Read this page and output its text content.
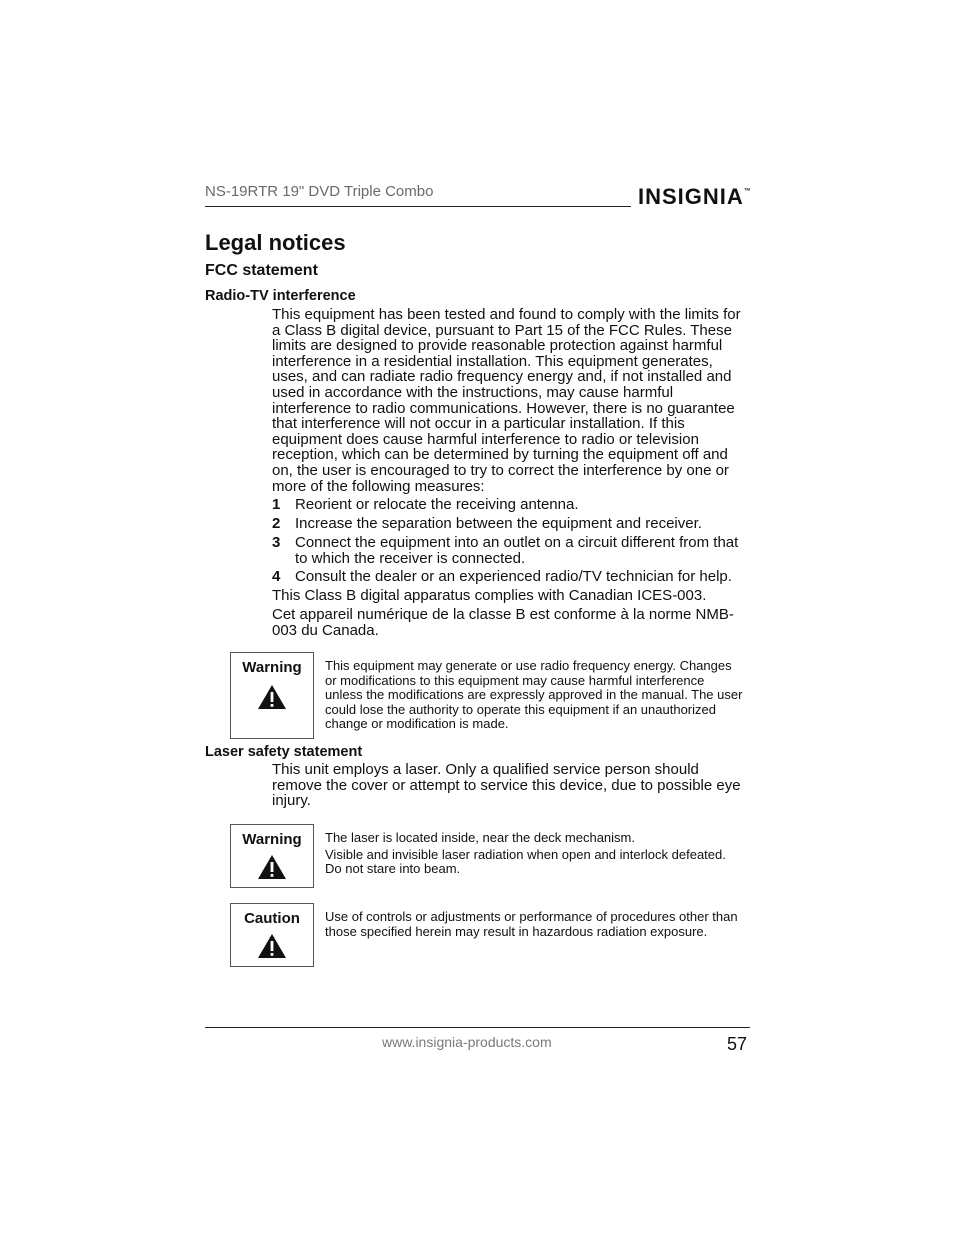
NS-19RTR 19" DVD Triple Combo	INSIGNIA™
Legal notices
FCC statement
Radio-TV interference

This equipment has been tested and found to comply with the limits for a Class B digital device, pursuant to Part 15 of the FCC Rules. These limits are designed to provide reasonable protection against harmful interference in a residential installation. This equipment generates, uses, and can radiate radio frequency energy and, if not installed and used in accordance with the instructions, may cause harmful interference to radio communications. However, there is no guarantee that interference will not occur in a particular installation. If this equipment does cause harmful interference to radio or television reception, which can be determined by turning the equipment off and on, the user is encouraged to try to correct the interference by one or more of the following measures:

1 Reorient or relocate the receiving antenna.
2 Increase the separation between the equipment and receiver.
3 Connect the equipment into an outlet on a circuit different from that to which the receiver is connected.
4 Consult the dealer or an experienced radio/TV technician for help.

This Class B digital apparatus complies with Canadian ICES-003.

Cet appareil numérique de la classe B est conforme à la norme NMB-003 du Canada.

Warning	This equipment may generate or use radio frequency energy. Changes or modifications to this equipment may cause harmful interference unless the modifications are expressly approved in the manual. The user could lose the authority to operate this equipment if an unauthorized change or modification is made.

Laser safety statement

This unit employs a laser. Only a qualified service person should remove the cover or attempt to service this device, due to possible eye injury.

Warning	The laser is located inside, near the deck mechanism.

Visible and invisible laser radiation when open and interlock defeated. Do not stare into beam.

Caution	Use of controls or adjustments or performance of procedures other than those specified herein may result in hazardous radiation exposure.

www.insignia-products.com	57
